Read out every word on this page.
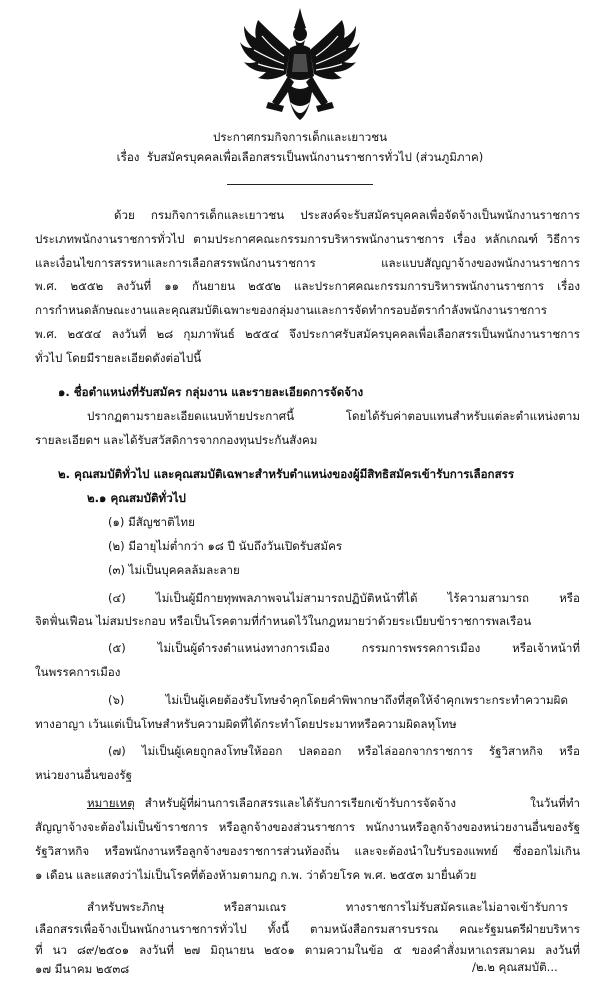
ประกาศกรมกิจการเด็กและเยาวชน
เรื่อง รับสมัครบุคคลเพื่อเลือกสรรเป็นพนักงานราชการทั่วไป (ส่วนภูมิภาค)
ด้วย กรมกิจการเด็กและเยาวชน ประสงค์จะรับสมัครบุคคลเพื่อจัดจ้างเป็นพนักงานราชการ
ประเภทพนักงานราชการทั่วไป ตามประกาศคณะกรรมการบริหารพนักงานราชการ เรื่อง หลักเกณฑ์ วิธีการ
และเงื่อนไขการสรรหาและการเลือกสรรพนักงานราชการ และแบบสัญญาจ้างของพนักงานราชการ
พ.ศ. ๒๕๕๒ ลงวันที่ ๑๑ กันยายน ๒๕๕๒ และประกาศคณะกรรมการบริหารพนักงานราชการ เรื่อง
การกำหนดลักษณะงานและคุณสมบัติเฉพาะของกลุ่มงานและการจัดทำกรอบอัตรากำลังพนักงานราชการ
พ.ศ. ๒๕๕๔ ลงวันที่ ๒๘ กุมภาพันธ์ ๒๕๕๔ จึงประกาศรับสมัครบุคคลเพื่อเลือกสรรเป็นพนักงานราชการ
ทั่วไป โดยมีรายละเอียดดังต่อไปนี้
๑. ชื่อตำแหน่งที่รับสมัคร กลุ่มงาน และรายละเอียดการจัดจ้าง
ปรากฏตามรายละเอียดแนบท้ายประกาศนี้ โดยได้รับค่าตอบแทนสำหรับแต่ละตำแหน่งตาม
รายละเอียดฯ และได้รับสวัสดิการจากกองทุนประกันสังคม
๒. คุณสมบัติทั่วไป และคุณสมบัติเฉพาะสำหรับตำแหน่งของผู้มีสิทธิสมัครเข้ารับการเลือกสรร
๒.๑ คุณสมบัติทั่วไป
(๑) มีสัญชาติไทย
(๒) มีอายุไม่ต่ำกว่า ๑๘ ปี นับถึงวันเปิดรับสมัคร
(๓) ไม่เป็นบุคคลล้มละลาย
(๔) ไม่เป็นผู้มีกายทุพพลภาพจนไม่สามารถปฏิบัติหน้าที่ได้ ไร้ความสามารถ หรือ
จิตฟั่นเฟือน ไม่สมประกอบ หรือเป็นโรคตามที่กำหนดไว้ในกฎหมายว่าด้วยระเบียบข้าราชการพลเรือน
(๕) ไม่เป็นผู้ดำรงตำแหน่งทางการเมือง กรรมการพรรคการเมือง หรือเจ้าหน้าที่
ในพรรคการเมือง
(๖) ไม่เป็นผู้เคยต้องรับโทษจำคุกโดยคำพิพากษาถึงที่สุดให้จำคุกเพราะกระทำความผิด
ทางอาญา เว้นแต่เป็นโทษสำหรับความผิดที่ได้กระทำโดยประมาทหรือความผิดลหุโทษ
(๗) ไม่เป็นผู้เคยถูกลงโทษให้ออก ปลดออก หรือไล่ออกจากราชการ รัฐวิสาหกิจ หรือ
หน่วยงานอื่นของรัฐ
หมายเหตุ สำหรับผู้ที่ผ่านการเลือกสรรและได้รับการเรียกเข้ารับการจัดจ้าง ในวันที่ทำ
สัญญาจ้างจะต้องไม่เป็นข้าราชการ หรือลูกจ้างของส่วนราชการ พนักงานหรือลูกจ้างของหน่วยงานอื่นของรัฐ
รัฐวิสาหกิจ หรือพนักงานหรือลูกจ้างของราชการส่วนท้องถิ่น และจะต้องนำใบรับรองแพทย์ ซึ่งออกไม่เกิน
๑ เดือน และแสดงว่าไม่เป็นโรคที่ต้องห้ามตามกฎ ก.พ. ว่าด้วยโรค พ.ศ. ๒๕๕๓ มายื่นด้วย
สำหรับพระภิกษุ หรือสามเณร ทางราชการไม่รับสมัครและไม่อาจเข้ารับการ
เลือกสรรเพื่อจ้างเป็นพนักงานราชการทั่วไป ทั้งนี้ ตามหนังสือกรมสารบรรณ คณะรัฐมนตรีฝ่ายบริหาร
ที่ นว ๘๙/๒๕๐๑ ลงวันที่ ๒๗ มิถุนายน ๒๕๐๑ ตามความในข้อ ๕ ของคำสั่งมหาเถรสมาคม ลงวันที่
๑๗ มีนาคม ๒๕๓๘	/๒.๒ คุณสมบัติ...
